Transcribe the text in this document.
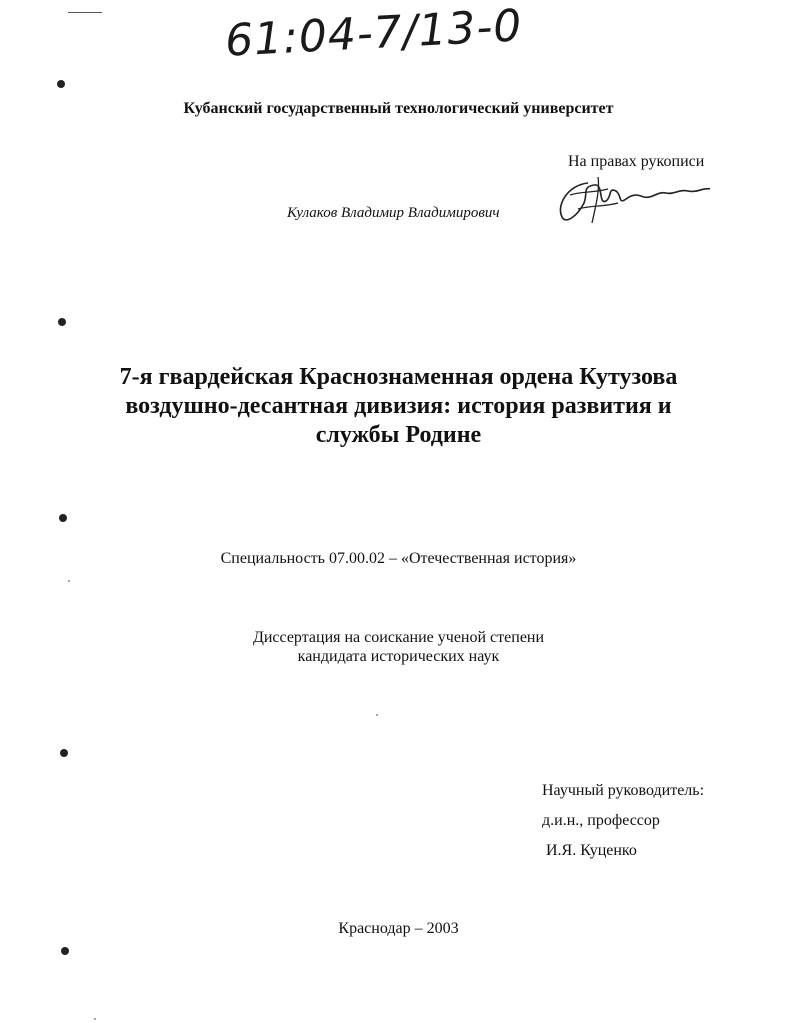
61:04-7/13-0
Кубанский государственный технологический университет
На правах рукописи
Кулаков Владимир Владимирович
7-я гвардейская Краснознаменная ордена Кутузова
воздушно-десантная дивизия: история развития и
службы Родине
Специальность 07.00.02 – «Отечественная история»
Диссертация на соискание ученой степени
кандидата исторических наук
Научный руководитель:
д.и.н., профессор
И.Я. Куценко
Краснодар – 2003
